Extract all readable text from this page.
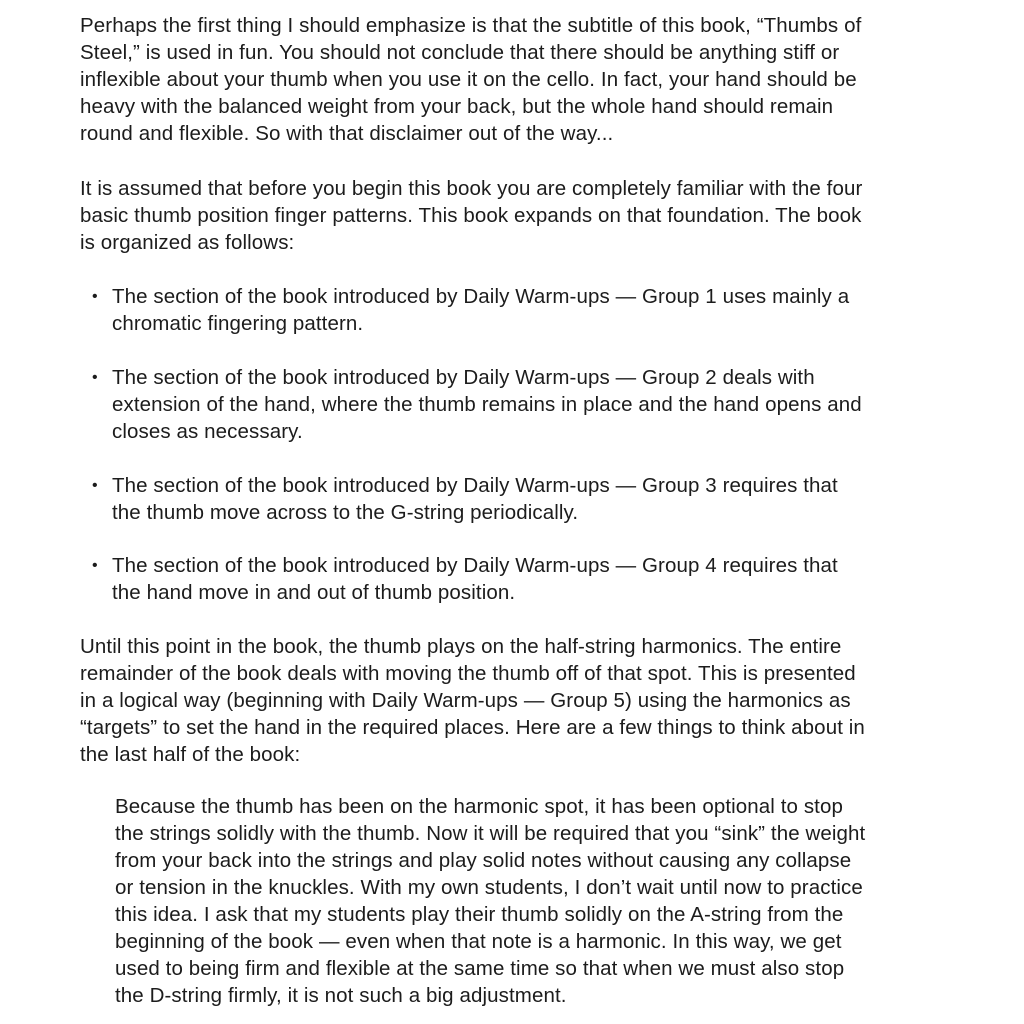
Perhaps the first thing I should emphasize is that the subtitle of this book, “Thumbs of
Steel,” is used in fun. You should not conclude that there should be anything stiff or
inflexible about your thumb when you use it on the cello. In fact, your hand should be
heavy with the balanced weight from your back, but the whole hand should remain
round and flexible. So with that disclaimer out of the way...

It is assumed that before you begin this book you are completely familiar with the four
basic thumb position finger patterns. This book expands on that foundation. The book
is organized as follows:

• The section of the book introduced by Daily Warm-ups — Group 1 uses mainly a
chromatic fingering pattern.

• The section of the book introduced by Daily Warm-ups — Group 2 deals with
extension of the hand, where the thumb remains in place and the hand opens and
closes as necessary.

• The section of the book introduced by Daily Warm-ups — Group 3 requires that
the thumb move across to the G-string periodically.

• The section of the book introduced by Daily Warm-ups — Group 4 requires that
the hand move in and out of thumb position.

Until this point in the book, the thumb plays on the half-string harmonics. The entire
remainder of the book deals with moving the thumb off of that spot. This is presented
in a logical way (beginning with Daily Warm-ups — Group 5) using the harmonics as
“targets” to set the hand in the required places. Here are a few things to think about in
the last half of the book:

Because the thumb has been on the harmonic spot, it has been optional to stop
the strings solidly with the thumb. Now it will be required that you “sink” the weight
from your back into the strings and play solid notes without causing any collapse
or tension in the knuckles. With my own students, I don’t wait until now to practice
this idea. I ask that my students play their thumb solidly on the A-string from the
beginning of the book — even when that note is a harmonic. In this way, we get
used to being firm and flexible at the same time so that when we must also stop
the D-string firmly, it is not such a big adjustment.
